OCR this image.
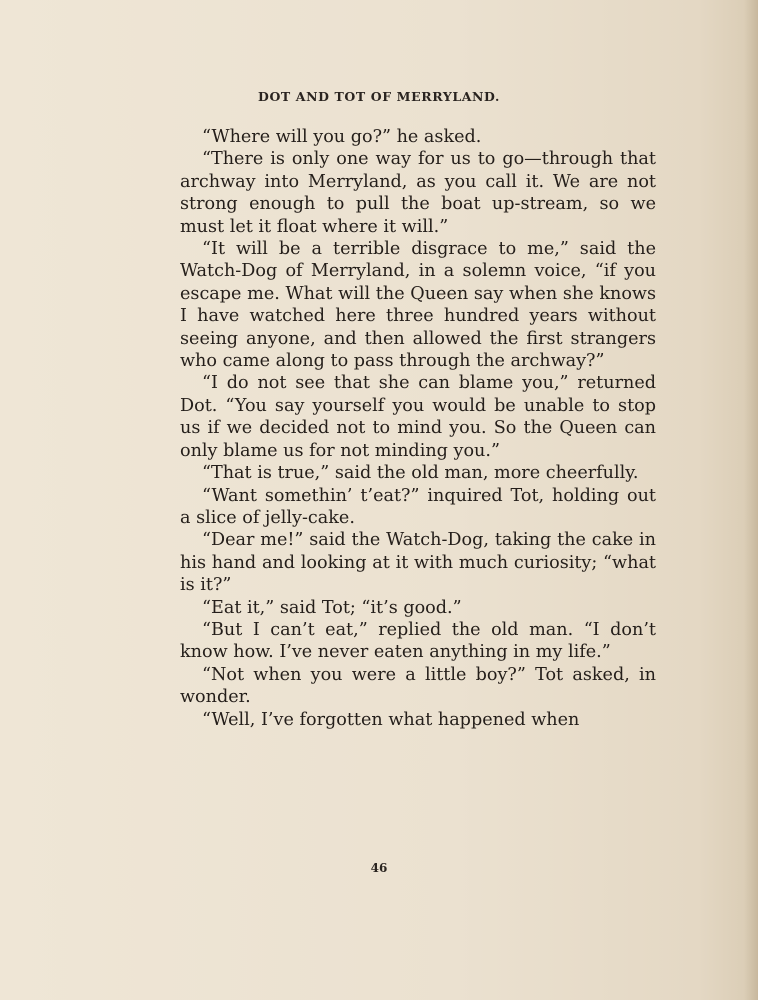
DOT AND TOT OF MERRYLAND.

“Where will you go?” he asked.

“There is only one way for us to go—through that archway into Merryland, as you call it. We are not strong enough to pull the boat up-stream, so we must let it float where it will.”

“It will be a terrible disgrace to me,” said the Watch-Dog of Merryland, in a solemn voice, “if you escape me. What will the Queen say when she knows I have watched here three hundred years without seeing anyone, and then allowed the first strangers who came along to pass through the archway?”

“I do not see that she can blame you,” returned Dot. “You say yourself you would be unable to stop us if we decided not to mind you. So the Queen can only blame us for not minding you.”

“That is true,” said the old man, more cheerfully.

“Want somethin’ t’eat?” inquired Tot, holding out a slice of jelly-cake.

“Dear me!” said the Watch-Dog, taking the cake in his hand and looking at it with much curiosity; “what is it?”

“Eat it,” said Tot; “it’s good.”

“But I can’t eat,” replied the old man. “I don’t know how. I’ve never eaten anything in my life.”

“Not when you were a little boy?” Tot asked, in wonder.

“Well, I’ve forgotten what happened when

46
